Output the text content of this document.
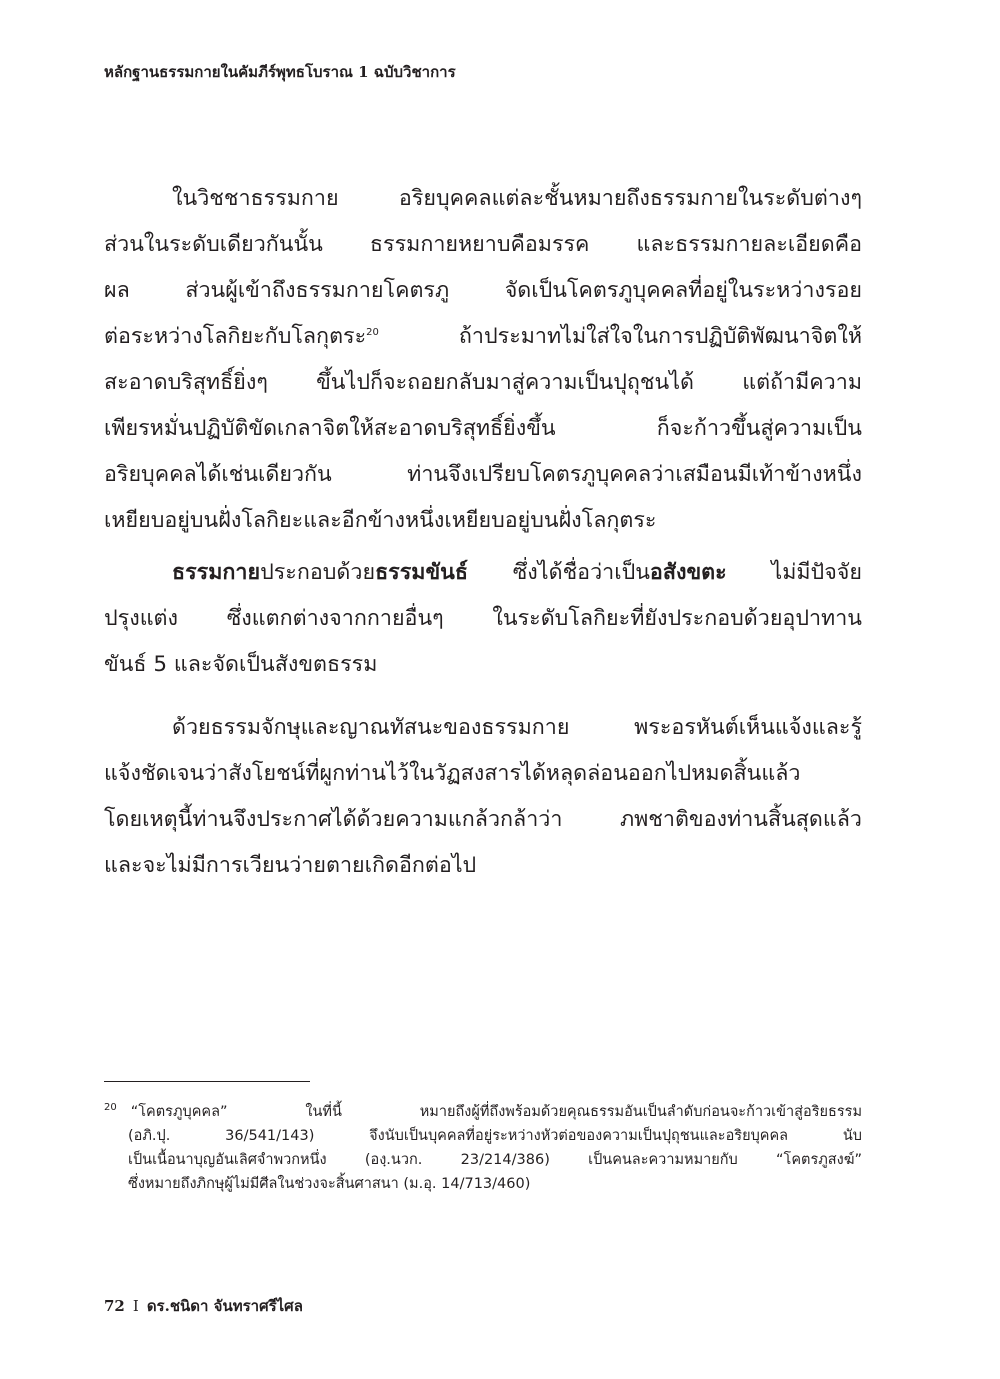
หลักฐานธรรมกายในคัมภีร์พุทธโบราณ 1 ฉบับวิชาการ
ในวิชชาธรรมกาย อริยบุคคลแต่ละชั้นหมายถึงธรรมกายในระดับต่างๆ
ส่วนในระดับเดียวกันนั้น ธรรมกายหยาบคือมรรค และธรรมกายละเอียดคือ
ผล ส่วนผู้เข้าถึงธรรมกายโคตรภู จัดเป็นโคตรภูบุคคลที่อยู่ในระหว่างรอย
ต่อระหว่างโลกิยะกับโลกุตระ$^{20}$ ถ้าประมาทไม่ใส่ใจในการปฏิบัติพัฒนาจิตให้
สะอาดบริสุทธิ์ยิ่งๆ ขึ้นไปก็จะถอยกลับมาสู่ความเป็นปุถุชนได้ แต่ถ้ามีความ
เพียรหมั่นปฏิบัติขัดเกลาจิตให้สะอาดบริสุทธิ์ยิ่งขึ้น ก็จะก้าวขึ้นสู่ความเป็น
อริยบุคคลได้เช่นเดียวกัน ท่านจึงเปรียบโคตรภูบุคคลว่าเสมือนมีเท้าข้างหนึ่ง
เหยียบอยู่บนฝั่งโลกิยะและอีกข้างหนึ่งเหยียบอยู่บนฝั่งโลกุตระ
ธรรมกายประกอบด้วยธรรมขันธ์ ซึ่งได้ชื่อว่าเป็นอสังขตะ ไม่มีปัจจัย
ปรุงแต่ง ซึ่งแตกต่างจากกายอื่นๆ ในระดับโลกิยะที่ยังประกอบด้วยอุปาทาน
ขันธ์ 5 และจัดเป็นสังขตธรรม
ด้วยธรรมจักษุและญาณทัสนะของธรรมกาย พระอรหันต์เห็นแจ้งและรู้
แจ้งชัดเจนว่าสังโยชน์ที่ผูกท่านไว้ในวัฏสงสารได้หลุดล่อนออกไปหมดสิ้นแล้ว
โดยเหตุนี้ท่านจึงประกาศได้ด้วยความแกล้วกล้าว่า ภพชาติของท่านสิ้นสุดแล้ว
และจะไม่มีการเวียนว่ายตายเกิดอีกต่อไป
$^{20}$ “โคตรภูบุคคล” ในที่นี้ หมายถึงผู้ที่ถึงพร้อมด้วยคุณธรรมอันเป็นลำดับก่อนจะก้าวเข้าสู่อริยธรรม
(อภิ.ปุ. 36/541/143) จึงนับเป็นบุคคลที่อยู่ระหว่างหัวต่อของความเป็นปุถุชนและอริยบุคคล นับ
เป็นเนื้อนาบุญอันเลิศจำพวกหนึ่ง (องฺ.นวก. 23/214/386) เป็นคนละความหมายกับ “โคตรภูสงฆ์”
ซึ่งหมายถึงภิกษุผู้ไม่มีศีลในช่วงจะสิ้นศาสนา (ม.อุ. 14/713/460)
72 I ดร.ชนิดา จันทราศรีไศล
